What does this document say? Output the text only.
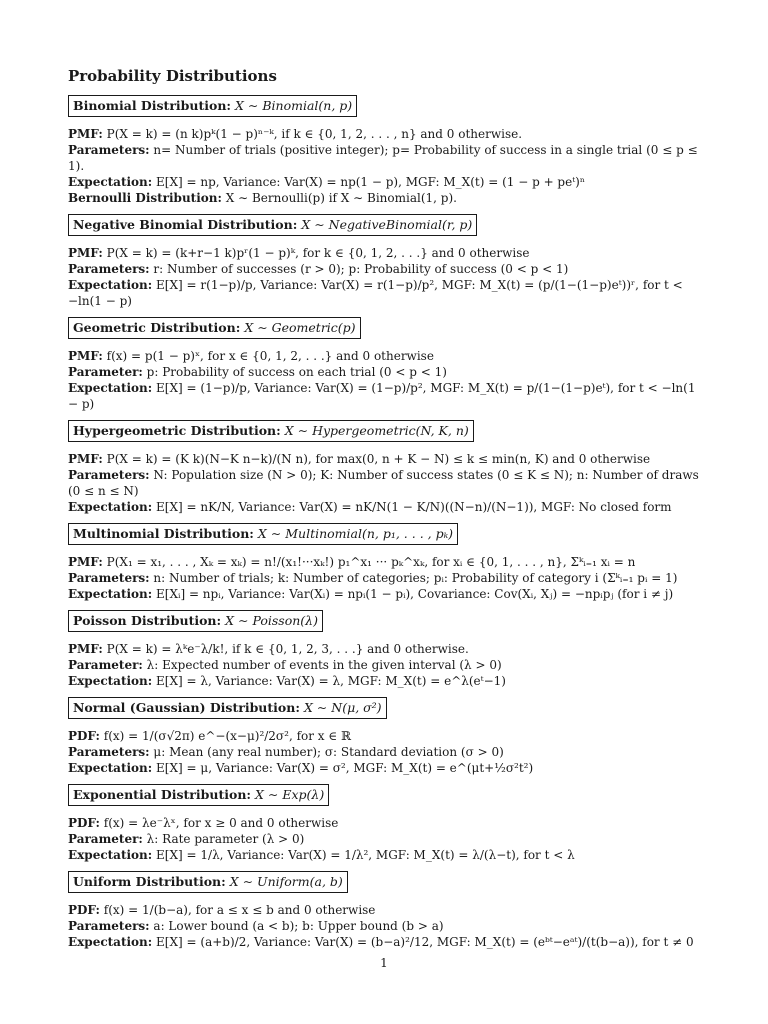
Probability Distributions
Binomial Distribution: X ∼ Binomial(n, p)
PMF: P(X = k) = (n k)pᵏ(1 − p)ⁿ⁻ᵏ, if k ∈ {0, 1, 2, . . . , n} and 0 otherwise.
Parameters: n= Number of trials (positive integer); p= Probability of success in a single trial (0 ≤ p ≤ 1).
Expectation: E[X] = np, Variance: Var(X) = np(1 − p), MGF: M_X(t) = (1 − p + peᵗ)ⁿ
Bernoulli Distribution: X ∼ Bernoulli(p) if X ∼ Binomial(1, p).
Negative Binomial Distribution: X ∼ NegativeBinomial(r, p)
PMF: P(X = k) = (k+r−1 k)pʳ(1 − p)ᵏ, for k ∈ {0, 1, 2, . . .} and 0 otherwise
Parameters: r: Number of successes (r > 0); p: Probability of success (0 < p < 1)
Expectation: E[X] = r(1−p)/p, Variance: Var(X) = r(1−p)/p², MGF: M_X(t) = (p/(1−(1−p)eᵗ))ʳ, for t < −ln(1 − p)
Geometric Distribution: X ∼ Geometric(p)
PMF: f(x) = p(1 − p)ˣ, for x ∈ {0, 1, 2, . . .} and 0 otherwise
Parameter: p: Probability of success on each trial (0 < p < 1)
Expectation: E[X] = (1−p)/p, Variance: Var(X) = (1−p)/p², MGF: M_X(t) = p/(1−(1−p)eᵗ), for t < −ln(1 − p)
Hypergeometric Distribution: X ∼ Hypergeometric(N, K, n)
PMF: P(X = k) = (K k)(N−K n−k)/(N n), for max(0, n + K − N) ≤ k ≤ min(n, K) and 0 otherwise
Parameters: N: Population size (N > 0); K: Number of success states (0 ≤ K ≤ N); n: Number of draws (0 ≤ n ≤ N)
Expectation: E[X] = nK/N, Variance: Var(X) = nK/N(1 − K/N)((N−n)/(N−1)), MGF: No closed form
Multinomial Distribution: X ∼ Multinomial(n, p₁, . . . , pₖ)
PMF: P(X₁ = x₁, . . . , Xₖ = xₖ) = n!/(x₁!···xₖ!) p₁^x₁ ··· pₖ^xₖ, for xᵢ ∈ {0, 1, . . . , n}, Σᵏᵢ₌₁ xᵢ = n
Parameters: n: Number of trials; k: Number of categories; pᵢ: Probability of category i (Σᵏᵢ₌₁ pᵢ = 1)
Expectation: E[Xᵢ] = npᵢ, Variance: Var(Xᵢ) = npᵢ(1 − pᵢ), Covariance: Cov(Xᵢ, Xⱼ) = −npᵢpⱼ (for i ≠ j)
Poisson Distribution: X ∼ Poisson(λ)
PMF: P(X = k) = λᵏe⁻λ/k!, if k ∈ {0, 1, 2, 3, . . .} and 0 otherwise.
Parameter: λ: Expected number of events in the given interval (λ > 0)
Expectation: E[X] = λ, Variance: Var(X) = λ, MGF: M_X(t) = e^λ(eᵗ−1)
Normal (Gaussian) Distribution: X ∼ N(μ, σ²)
PDF: f(x) = 1/(σ√2π) e^−(x−μ)²/2σ², for x ∈ ℝ
Parameters: μ: Mean (any real number); σ: Standard deviation (σ > 0)
Expectation: E[X] = μ, Variance: Var(X) = σ², MGF: M_X(t) = e^(μt+½σ²t²)
Exponential Distribution: X ∼ Exp(λ)
PDF: f(x) = λe⁻λˣ, for x ≥ 0 and 0 otherwise
Parameter: λ: Rate parameter (λ > 0)
Expectation: E[X] = 1/λ, Variance: Var(X) = 1/λ², MGF: M_X(t) = λ/(λ−t), for t < λ
Uniform Distribution: X ∼ Uniform(a, b)
PDF: f(x) = 1/(b−a), for a ≤ x ≤ b and 0 otherwise
Parameters: a: Lower bound (a < b); b: Upper bound (b > a)
Expectation: E[X] = (a+b)/2, Variance: Var(X) = (b−a)²/12, MGF: M_X(t) = (eᵇᵗ−eᵃᵗ)/(t(b−a)), for t ≠ 0
1
